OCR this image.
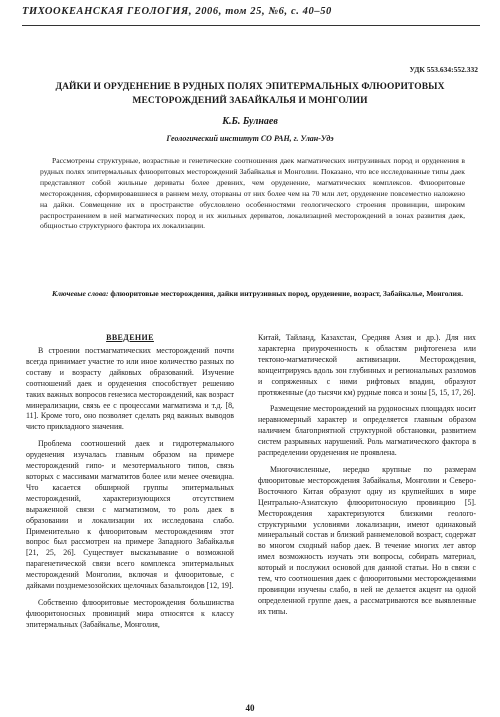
ТИХООКЕАНСКАЯ ГЕОЛОГИЯ, 2006, том 25, №6, с. 40–50
УДК 553.634:552.332
ДАЙКИ И ОРУДЕНЕНИЕ В РУДНЫХ ПОЛЯХ ЭПИТЕРМАЛЬНЫХ ФЛЮОРИТОВЫХ МЕСТОРОЖДЕНИЙ ЗАБАЙКАЛЬЯ И МОНГОЛИИ
К.Б. Булнаев
Геологический институт СО РАН, г. Улан-Удэ
Рассмотрены структурные, возрастные и генетические соотношения даек магматических интрузивных пород и оруденения в рудных полях эпитермальных флюоритовых месторождений Забайкалья и Монголии. Показано, что все исследованные типы даек представляют собой жильные дериваты более древних, чем оруденение, магматических комплексов. Флюоритовые месторождения, сформировавшиеся в раннем мелу, оторваны от них более чем на 70 млн лет, оруденение повсеместно наложено на дайки. Совмещение их в пространстве обусловлено особенностями геологического строения провинции, широким распространением в ней магматических пород и их жильных дериватов, локализацией месторождений в зонах развития даек, общностью структурного фактора их локализации.
Ключевые слова: флюоритовые месторождения, дайки интрузивных пород, оруденение, возраст, Забайкалье, Монголия.
ВВЕДЕНИЕ

В строении постмагматических месторождений почти всегда принимает участие то или иное количество разных по составу и возрасту дайковых образований. Изучение соотношений даек и оруденения способствует решению таких важных вопросов генезиса месторождений, как возраст минерализации, связь ее с процессами магматизма и т.д. [8, 11]. Кроме того, оно позволяет сделать ряд важных выводов чисто прикладного значения.

Проблема соотношений даек и гидротермального оруденения изучалась главным образом на примере месторождений гипо- и мезотермального типов, связь которых с массивами магматитов более или менее очевидна. Что касается обширной группы эпитермальных месторождений, характеризующихся отсутствием выраженной связи с магматизмом, то роль даек в образовании и локализации их исследована слабо. Применительно к флюоритовым месторождениям этот вопрос был рассмотрен на примере Западного Забайкалья [21, 25, 26]. Существует высказывание о возможной парагенетической связи всего комплекса эпитермальных месторождений Монголии, включая и флюоритовые, с дайками позднемезозойских щелочных базальтоидов [12, 19].

Собственно флюоритовые месторождения большинства флюоритоносных провинций мира относятся к классу эпитермальных (Забайкалье, Монголия,

Китай, Тайланд, Казахстан, Средняя Азия и др.). Для них характерна приуроченность к областям рифтогенеза или тектоно-магматической активизации. Месторождения, концентрируясь вдоль зон глубинных и региональных разломов и сопряженных с ними рифтовых впадин, образуют протяженные (до тысячи км) рудные пояса и зоны [5, 15, 17, 26].

Размещение месторождений на рудоносных площадях носит неравномерный характер и определяется главным образом наличием благоприятной структурной обстановки, развитием систем разрывных нарушений. Роль магматического фактора в распределении оруденения не проявлена.

Многочисленные, нередко крупные по размерам флюоритовые месторождения Забайкалья, Монголии и Северо-Восточного Китая образуют одну из крупнейших в мире Центрально-Азиатскую флюоритоносную провинцию [5]. Месторождения характеризуются близкими геолого-структурными условиями локализации, имеют одинаковый минеральный состав и близкий раннемеловой возраст, содержат во многом сходный набор даек. В течение многих лет автор имел возможность изучать эти вопросы, собирать материал, который и послужил основой для данной статьи. Но в связи с тем, что соотношения даек с флюоритовыми месторождениями провинции изучены слабо, в ней не делается акцент на одной определенной группе даек, а рассматриваются все выявленные их типы.

40
